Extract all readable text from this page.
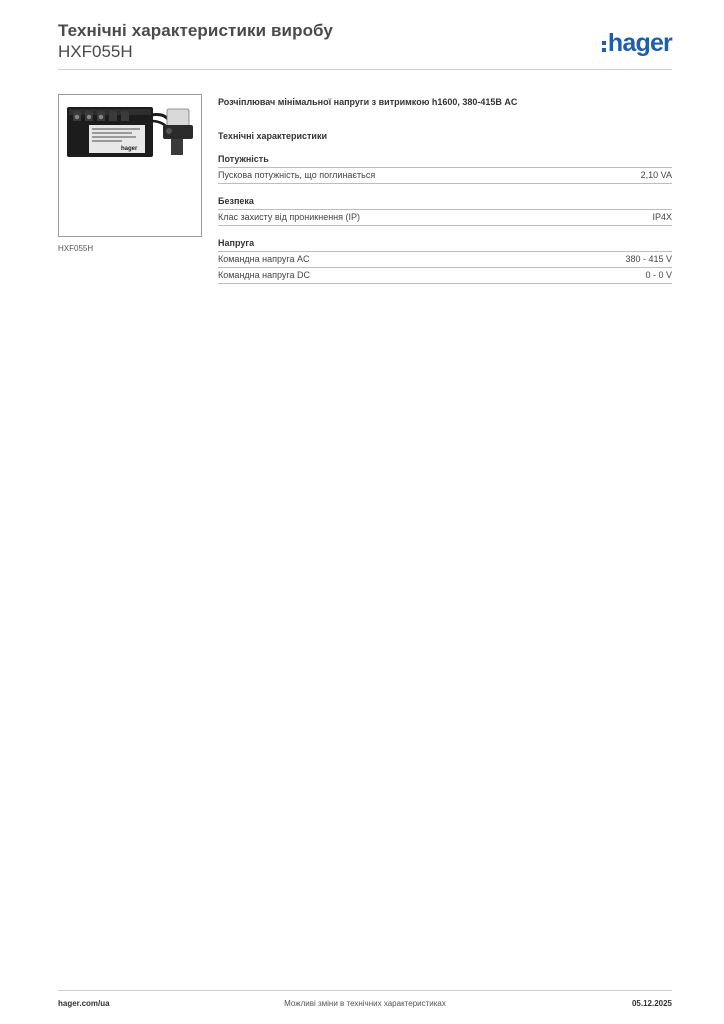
Технічні характеристики виробу
HXF055H	hager
hager
HXF055H
Розчіплювач мінімальної напруги з витримкою h1600, 380-415В AC
Технічні характеристики
Потужність
Пускова потужність, що поглинається	2,10 VA
Безпека
Клас захисту від проникнення (IP)	IP4X
Напруга
Командна напруга AC	380 - 415 V
Командна напруга DC	0 - 0 V
hager.com/ua	Можливі зміни в технічних характеристиках	05.12.2025
